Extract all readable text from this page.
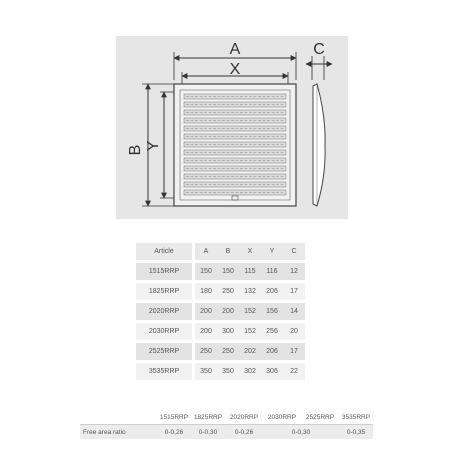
A
X
C
B Y
Article		A	B	X	Y	C
1515RRP		150	150	115	116	12
1825RRP		180	250	132	206	17
2020RRP		200	200	152	156	14
2030RRP		200	300	152	256	20
2525RRP		250	250	202	206	17
3535RRP		350	350	302	306	22
	1515RRP	1825RRP	2020RRP	2030RRP	2525RRP	3535RRP
Free area ratio	0-0,26	0-0,30	0-0,26	0-0,30		0-0,35
